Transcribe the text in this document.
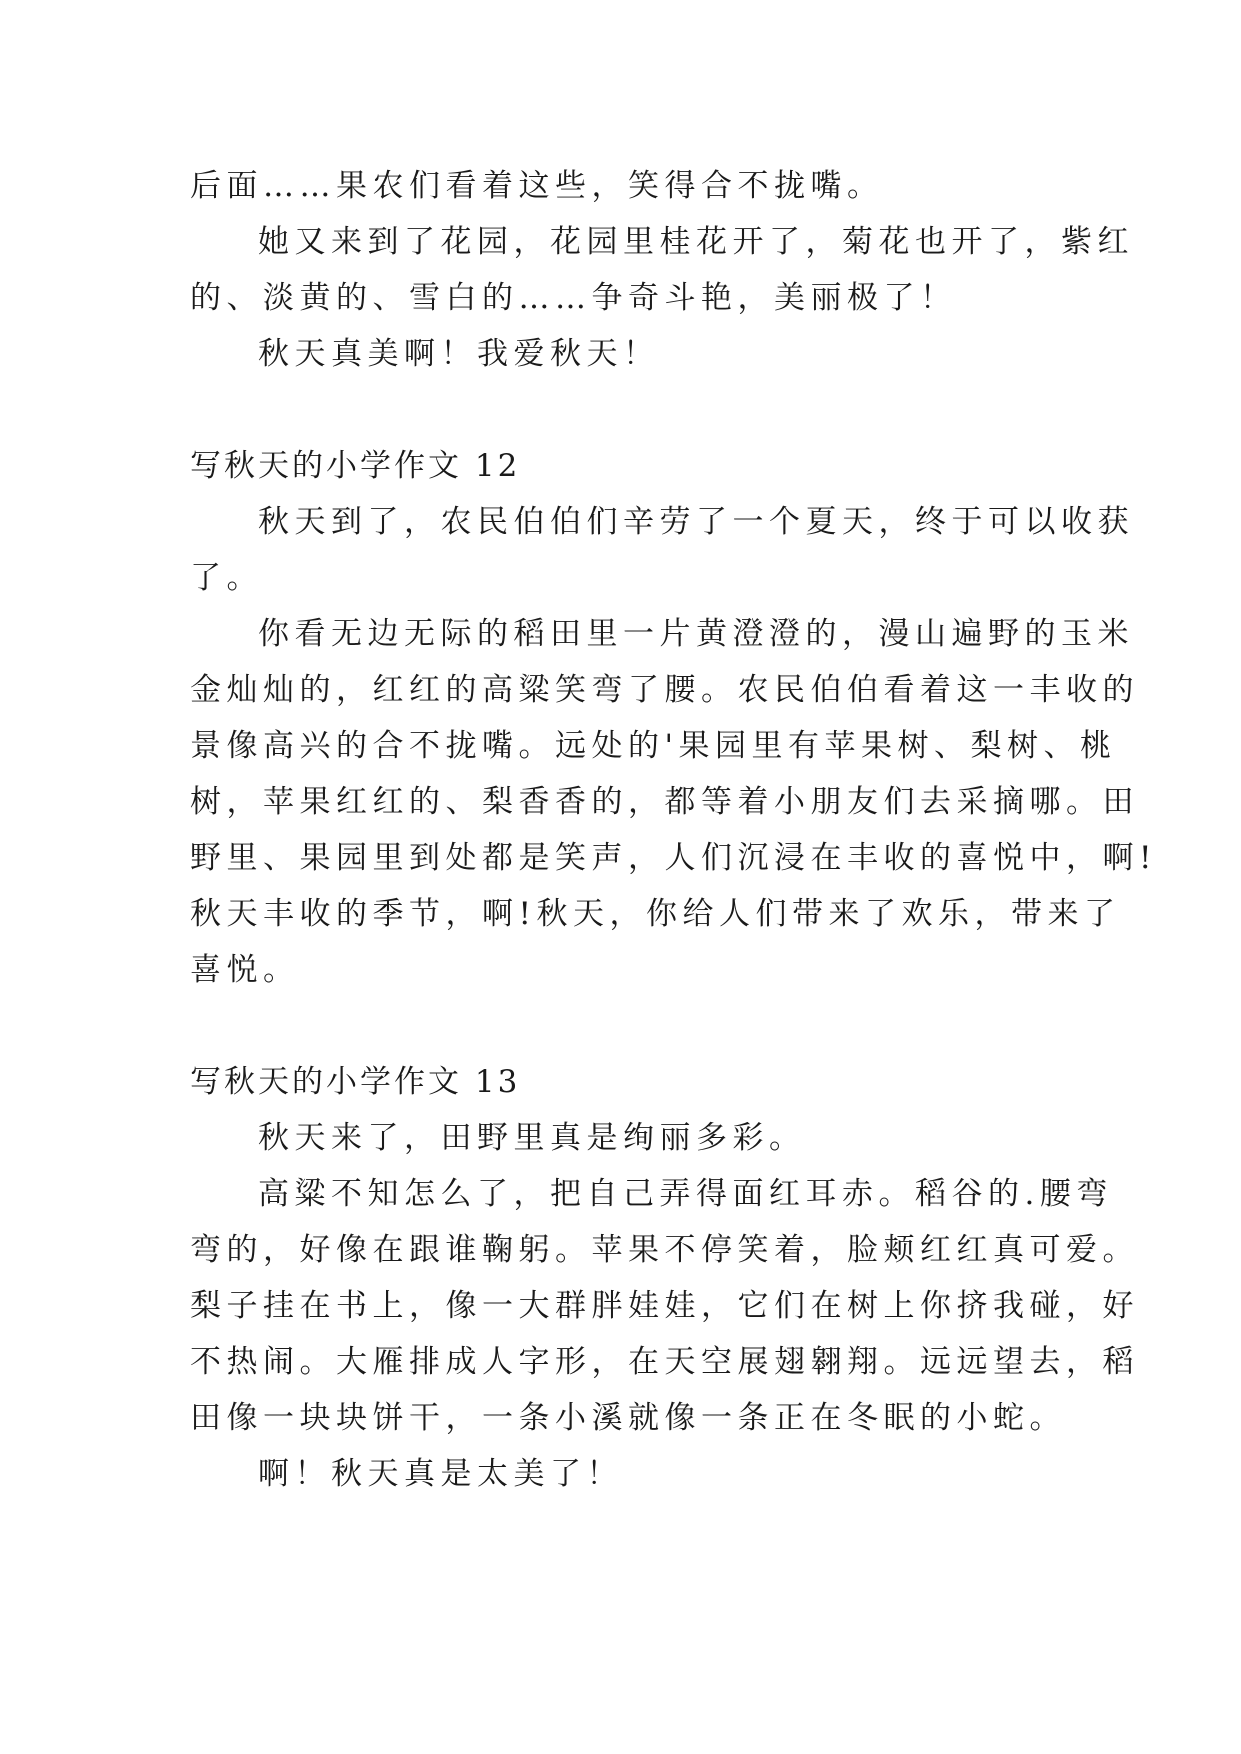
后面……果农们看着这些，笑得合不拢嘴。
她又来到了花园，花园里桂花开了，菊花也开了，紫红
的、淡黄的、雪白的……争奇斗艳，美丽极了！
秋天真美啊！我爱秋天！
写秋天的小学作文 12
秋天到了，农民伯伯们辛劳了一个夏天，终于可以收获
了。
你看无边无际的稻田里一片黄澄澄的，漫山遍野的玉米
金灿灿的，红红的高粱笑弯了腰。农民伯伯看着这一丰收的
景像高兴的合不拢嘴。远处的'果园里有苹果树、梨树、桃
树，苹果红红的、梨香香的，都等着小朋友们去采摘哪。田
野里、果园里到处都是笑声，人们沉浸在丰收的喜悦中，啊!
秋天丰收的季节，啊!秋天，你给人们带来了欢乐，带来了
喜悦。
写秋天的小学作文 13
秋天来了，田野里真是绚丽多彩。
高粱不知怎么了，把自己弄得面红耳赤。稻谷的.腰弯
弯的，好像在跟谁鞠躬。苹果不停笑着，脸颊红红真可爱。
梨子挂在书上，像一大群胖娃娃，它们在树上你挤我碰，好
不热闹。大雁排成人字形，在天空展翅翱翔。远远望去，稻
田像一块块饼干，一条小溪就像一条正在冬眠的小蛇。
啊！秋天真是太美了！
